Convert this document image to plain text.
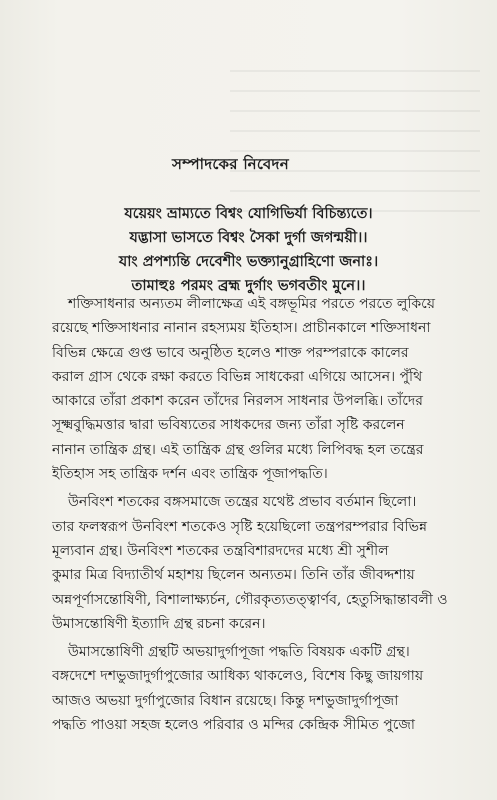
সম্পাদকের নিবেদন
যয়েয়ং ভ্রাম্যতে বিশ্বং যোগিভির্যা বিচিন্ত্যতে।
যদ্ভাসা ভাসতে বিশ্বং সৈকা দুর্গা জগন্ময়ী।।
যাং প্রপশ্যন্তি দেবেশীং ভক্ত্যানুগ্রাহিণো জনাঃ।
তামাহুঃ পরমং ব্রহ্ম দুর্গাং ভগবতীং মুনে।।
শক্তিসাধনার অন্যতম লীলাক্ষেত্র এই বঙ্গভূমির পরতে পরতে লুকিয়ে
রয়েছে শক্তিসাধনার নানান রহস্যময় ইতিহাস। প্রাচীনকালে শক্তিসাধনা
বিভিন্ন ক্ষেত্রে গুপ্ত ভাবে অনুষ্ঠিত হলেও শাক্ত পরম্পরাকে কালের
করাল গ্রাস থেকে রক্ষা করতে বিভিন্ন সাধকেরা এগিয়ে আসেন। পুঁথি
আকারে তাঁরা প্রকাশ করেন তাঁদের নিরলস সাধনার উপলব্ধি। তাঁদের
সূক্ষ্মবুদ্ধিমত্তার দ্বারা ভবিষ্যতের সাধকদের জন্য তাঁরা সৃষ্টি করলেন
নানান তান্ত্রিক গ্রন্থ। এই তান্ত্রিক গ্রন্থ গুলির মধ্যে লিপিবদ্ধ হল তন্ত্রের
ইতিহাস সহ তান্ত্রিক দর্শন এবং তান্ত্রিক পূজাপদ্ধতি।
উনবিংশ শতকের বঙ্গসমাজে তন্ত্রের যথেষ্ট প্রভাব বর্তমান ছিলো।
তার ফলস্বরূপ উনবিংশ শতকেও সৃষ্টি হয়েছিলো তন্ত্রপরম্পরার বিভিন্ন
মূল্যবান গ্রন্থ। উনবিংশ শতকের তন্ত্রবিশারদদের মধ্যে শ্রী সুশীল
কুমার মিত্র বিদ্যাতীর্থ মহাশয় ছিলেন অন্যতম। তিনি তাঁর জীবদ্দশায়
অন্নপূর্ণাসন্তোষিণী, বিশালাক্ষ্যর্চন, গৌরকৃত্যতত্ত্বার্ণব, হেতুসিদ্ধান্তাবলী ও
উমাসন্তোষিণী ইত্যাদি গ্রন্থ রচনা করেন।
উমাসন্তোষিণী গ্রন্থটি অভয়াদুর্গাপূজা পদ্ধতি বিষয়ক একটি গ্রন্থ।
বঙ্গদেশে দশভুজাদুর্গাপুজোর আধিক্য থাকলেও, বিশেষ কিছু জায়গায়
আজও অভয়া দুর্গাপুজোর বিধান রয়েছে। কিন্তু দশভুজাদুর্গাপূজা
পদ্ধতি পাওয়া সহজ হলেও পরিবার ও মন্দির কেন্দ্রিক সীমিত পুজো
